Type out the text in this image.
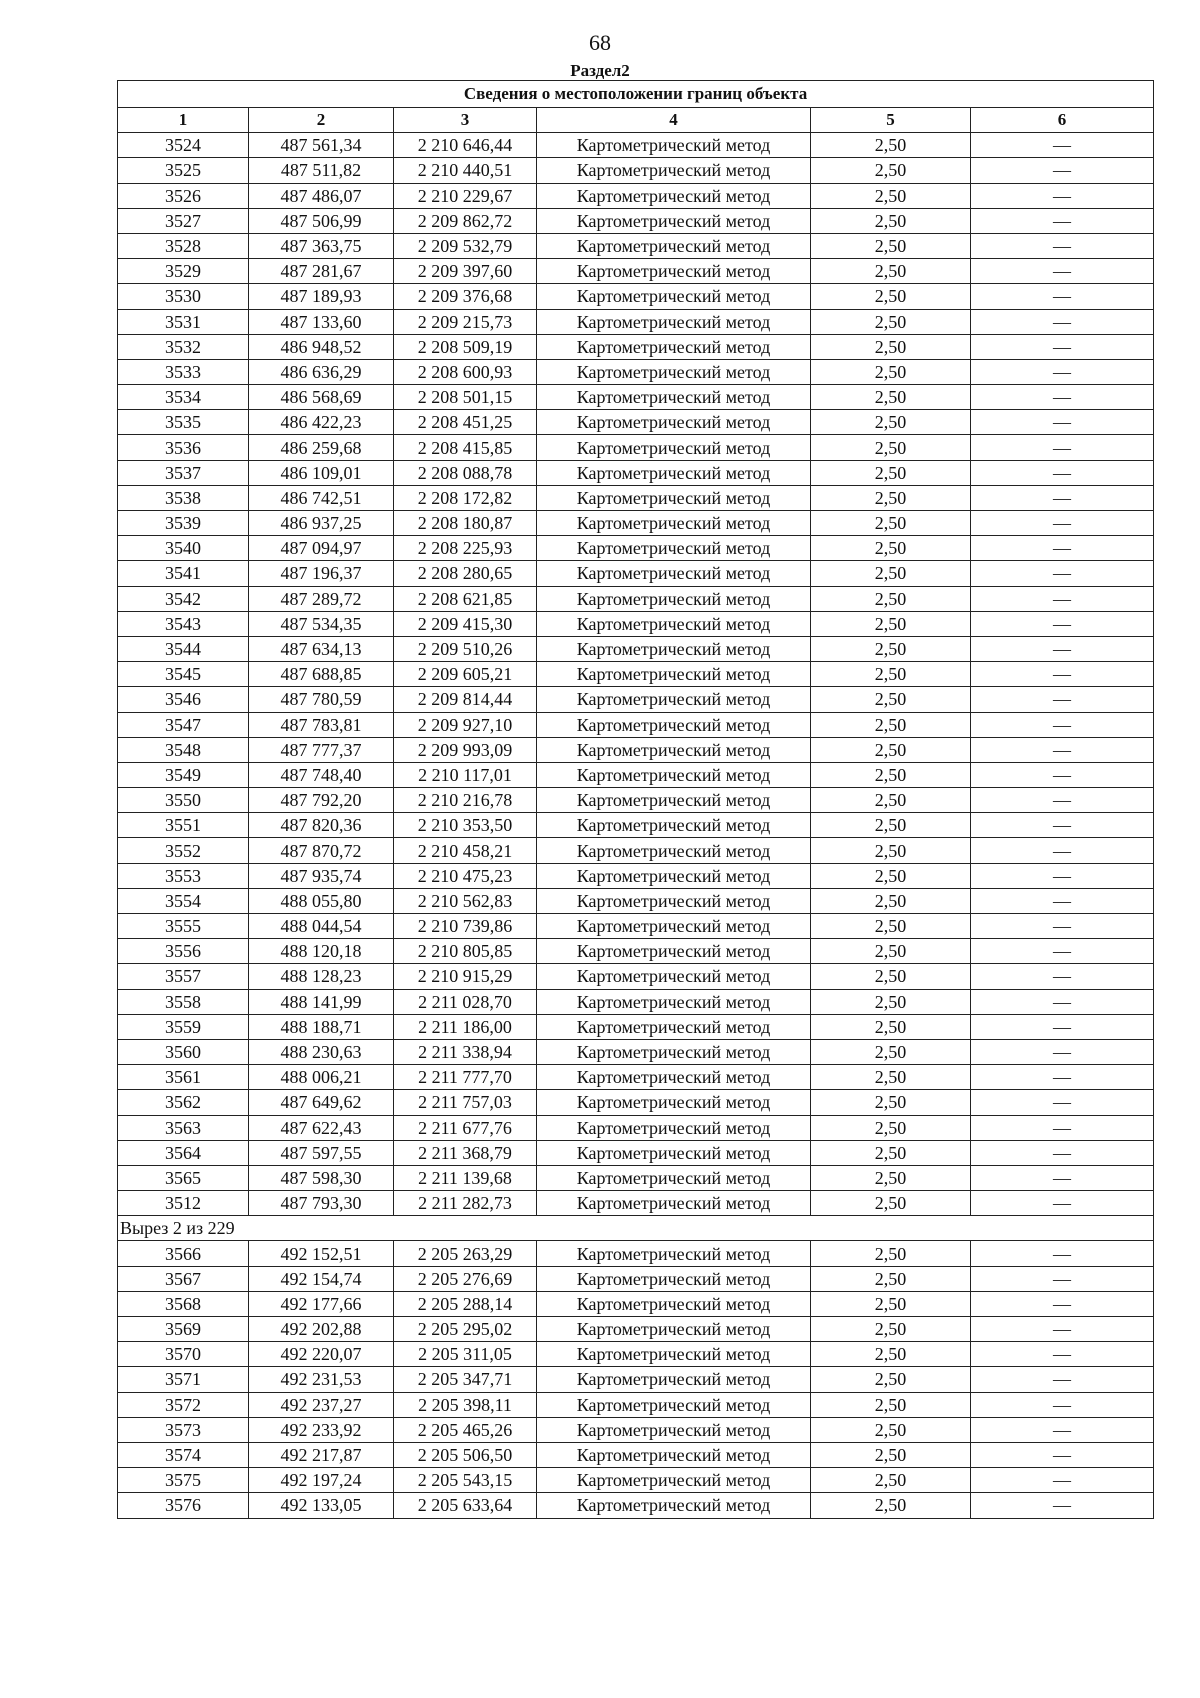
68
Раздел2
Сведения о местоположении границ объекта					
1	2	3	4	5	6
3524	487 561,34	2 210 646,44	Картометрический метод	2,50	—
3525	487 511,82	2 210 440,51	Картометрический метод	2,50	—
3526	487 486,07	2 210 229,67	Картометрический метод	2,50	—
3527	487 506,99	2 209 862,72	Картометрический метод	2,50	—
3528	487 363,75	2 209 532,79	Картометрический метод	2,50	—
3529	487 281,67	2 209 397,60	Картометрический метод	2,50	—
3530	487 189,93	2 209 376,68	Картометрический метод	2,50	—
3531	487 133,60	2 209 215,73	Картометрический метод	2,50	—
3532	486 948,52	2 208 509,19	Картометрический метод	2,50	—
3533	486 636,29	2 208 600,93	Картометрический метод	2,50	—
3534	486 568,69	2 208 501,15	Картометрический метод	2,50	—
3535	486 422,23	2 208 451,25	Картометрический метод	2,50	—
3536	486 259,68	2 208 415,85	Картометрический метод	2,50	—
3537	486 109,01	2 208 088,78	Картометрический метод	2,50	—
3538	486 742,51	2 208 172,82	Картометрический метод	2,50	—
3539	486 937,25	2 208 180,87	Картометрический метод	2,50	—
3540	487 094,97	2 208 225,93	Картометрический метод	2,50	—
3541	487 196,37	2 208 280,65	Картометрический метод	2,50	—
3542	487 289,72	2 208 621,85	Картометрический метод	2,50	—
3543	487 534,35	2 209 415,30	Картометрический метод	2,50	—
3544	487 634,13	2 209 510,26	Картометрический метод	2,50	—
3545	487 688,85	2 209 605,21	Картометрический метод	2,50	—
3546	487 780,59	2 209 814,44	Картометрический метод	2,50	—
3547	487 783,81	2 209 927,10	Картометрический метод	2,50	—
3548	487 777,37	2 209 993,09	Картометрический метод	2,50	—
3549	487 748,40	2 210 117,01	Картометрический метод	2,50	—
3550	487 792,20	2 210 216,78	Картометрический метод	2,50	—
3551	487 820,36	2 210 353,50	Картометрический метод	2,50	—
3552	487 870,72	2 210 458,21	Картометрический метод	2,50	—
3553	487 935,74	2 210 475,23	Картометрический метод	2,50	—
3554	488 055,80	2 210 562,83	Картометрический метод	2,50	—
3555	488 044,54	2 210 739,86	Картометрический метод	2,50	—
3556	488 120,18	2 210 805,85	Картометрический метод	2,50	—
3557	488 128,23	2 210 915,29	Картометрический метод	2,50	—
3558	488 141,99	2 211 028,70	Картометрический метод	2,50	—
3559	488 188,71	2 211 186,00	Картометрический метод	2,50	—
3560	488 230,63	2 211 338,94	Картометрический метод	2,50	—
3561	488 006,21	2 211 777,70	Картометрический метод	2,50	—
3562	487 649,62	2 211 757,03	Картометрический метод	2,50	—
3563	487 622,43	2 211 677,76	Картометрический метод	2,50	—
3564	487 597,55	2 211 368,79	Картометрический метод	2,50	—
3565	487 598,30	2 211 139,68	Картометрический метод	2,50	—
3512	487 793,30	2 211 282,73	Картометрический метод	2,50	—
Вырез 2 из 229					
3566	492 152,51	2 205 263,29	Картометрический метод	2,50	—
3567	492 154,74	2 205 276,69	Картометрический метод	2,50	—
3568	492 177,66	2 205 288,14	Картометрический метод	2,50	—
3569	492 202,88	2 205 295,02	Картометрический метод	2,50	—
3570	492 220,07	2 205 311,05	Картометрический метод	2,50	—
3571	492 231,53	2 205 347,71	Картометрический метод	2,50	—
3572	492 237,27	2 205 398,11	Картометрический метод	2,50	—
3573	492 233,92	2 205 465,26	Картометрический метод	2,50	—
3574	492 217,87	2 205 506,50	Картометрический метод	2,50	—
3575	492 197,24	2 205 543,15	Картометрический метод	2,50	—
3576	492 133,05	2 205 633,64	Картометрический метод	2,50	—
